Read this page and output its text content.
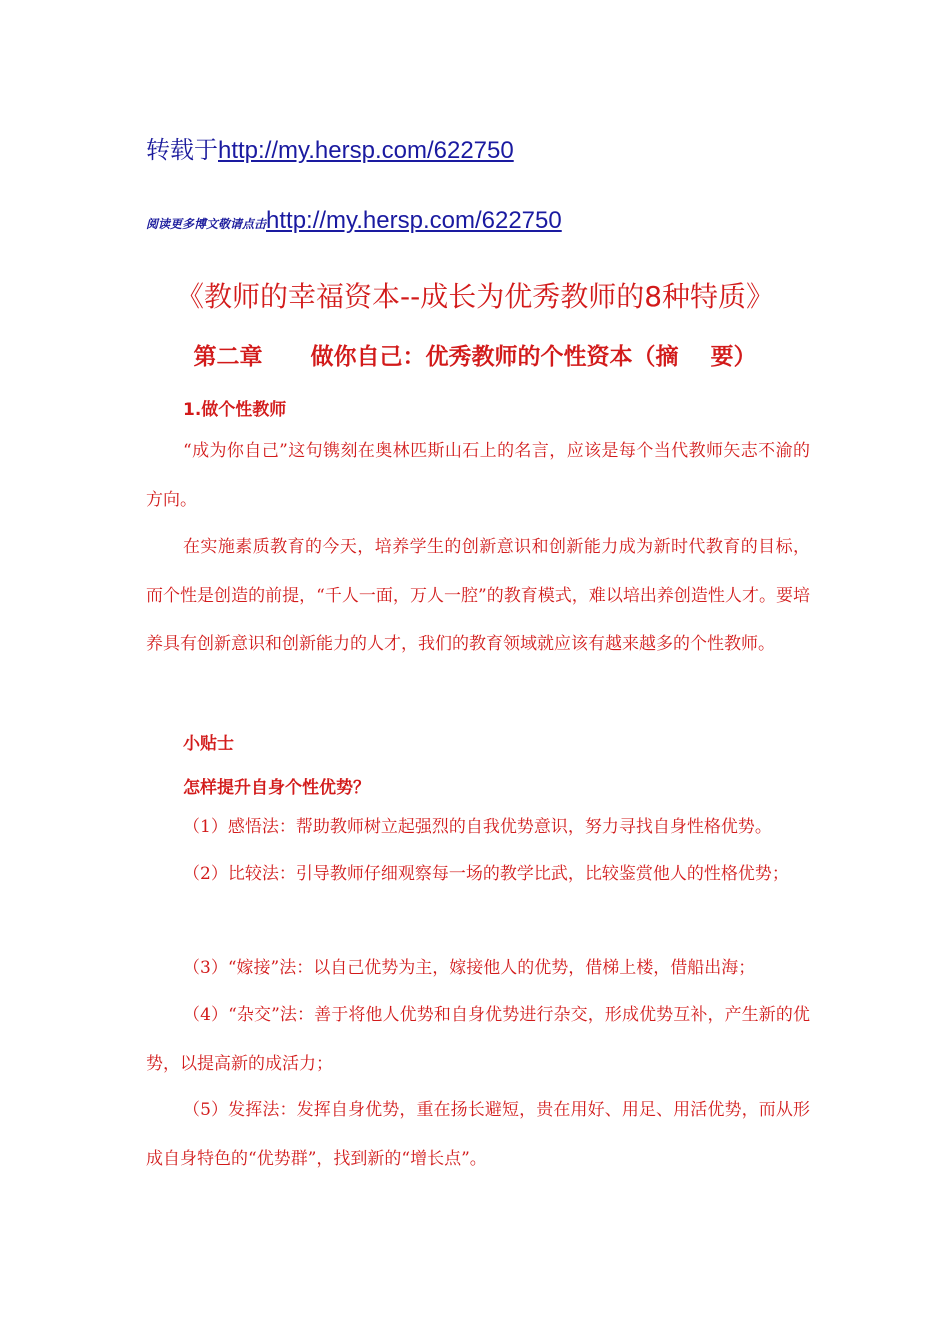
转载于http://my.hersp.com/622750
阅读更多博文敬请点击http://my.hersp.com/622750
《教师的幸福资本--成长为优秀教师的8种特质》
第二章      做你自己：优秀教师的个性资本（摘    要）
1.做个性教师

“成为你自己”这句镌刻在奥林匹斯山石上的名言，应该是每个当代教师矢志不渝的方向。

在实施素质教育的今天，培养学生的创新意识和创新能力成为新时代教育的目标，而个性是创造的前提，“千人一面，万人一腔”的教育模式，难以培出养创造性人才。要培养具有创新意识和创新能力的人才，我们的教育领域就应该有越来越多的个性教师。

小贴士
怎样提升自身个性优势？

（1）感悟法：帮助教师树立起强烈的自我优势意识，努力寻找自身性格优势。

（2）比较法：引导教师仔细观察每一场的教学比武，比较鉴赏他人的性格优势；

（3）“嫁接”法：以自己优势为主，嫁接他人的优势，借梯上楼，借船出海；

（4）“杂交”法：善于将他人优势和自身优势进行杂交，形成优势互补，产生新的优势，以提高新的成活力；

（5）发挥法：发挥自身优势，重在扬长避短，贵在用好、用足、用活优势，而从形成自身特色的“优势群”，找到新的“增长点”。
